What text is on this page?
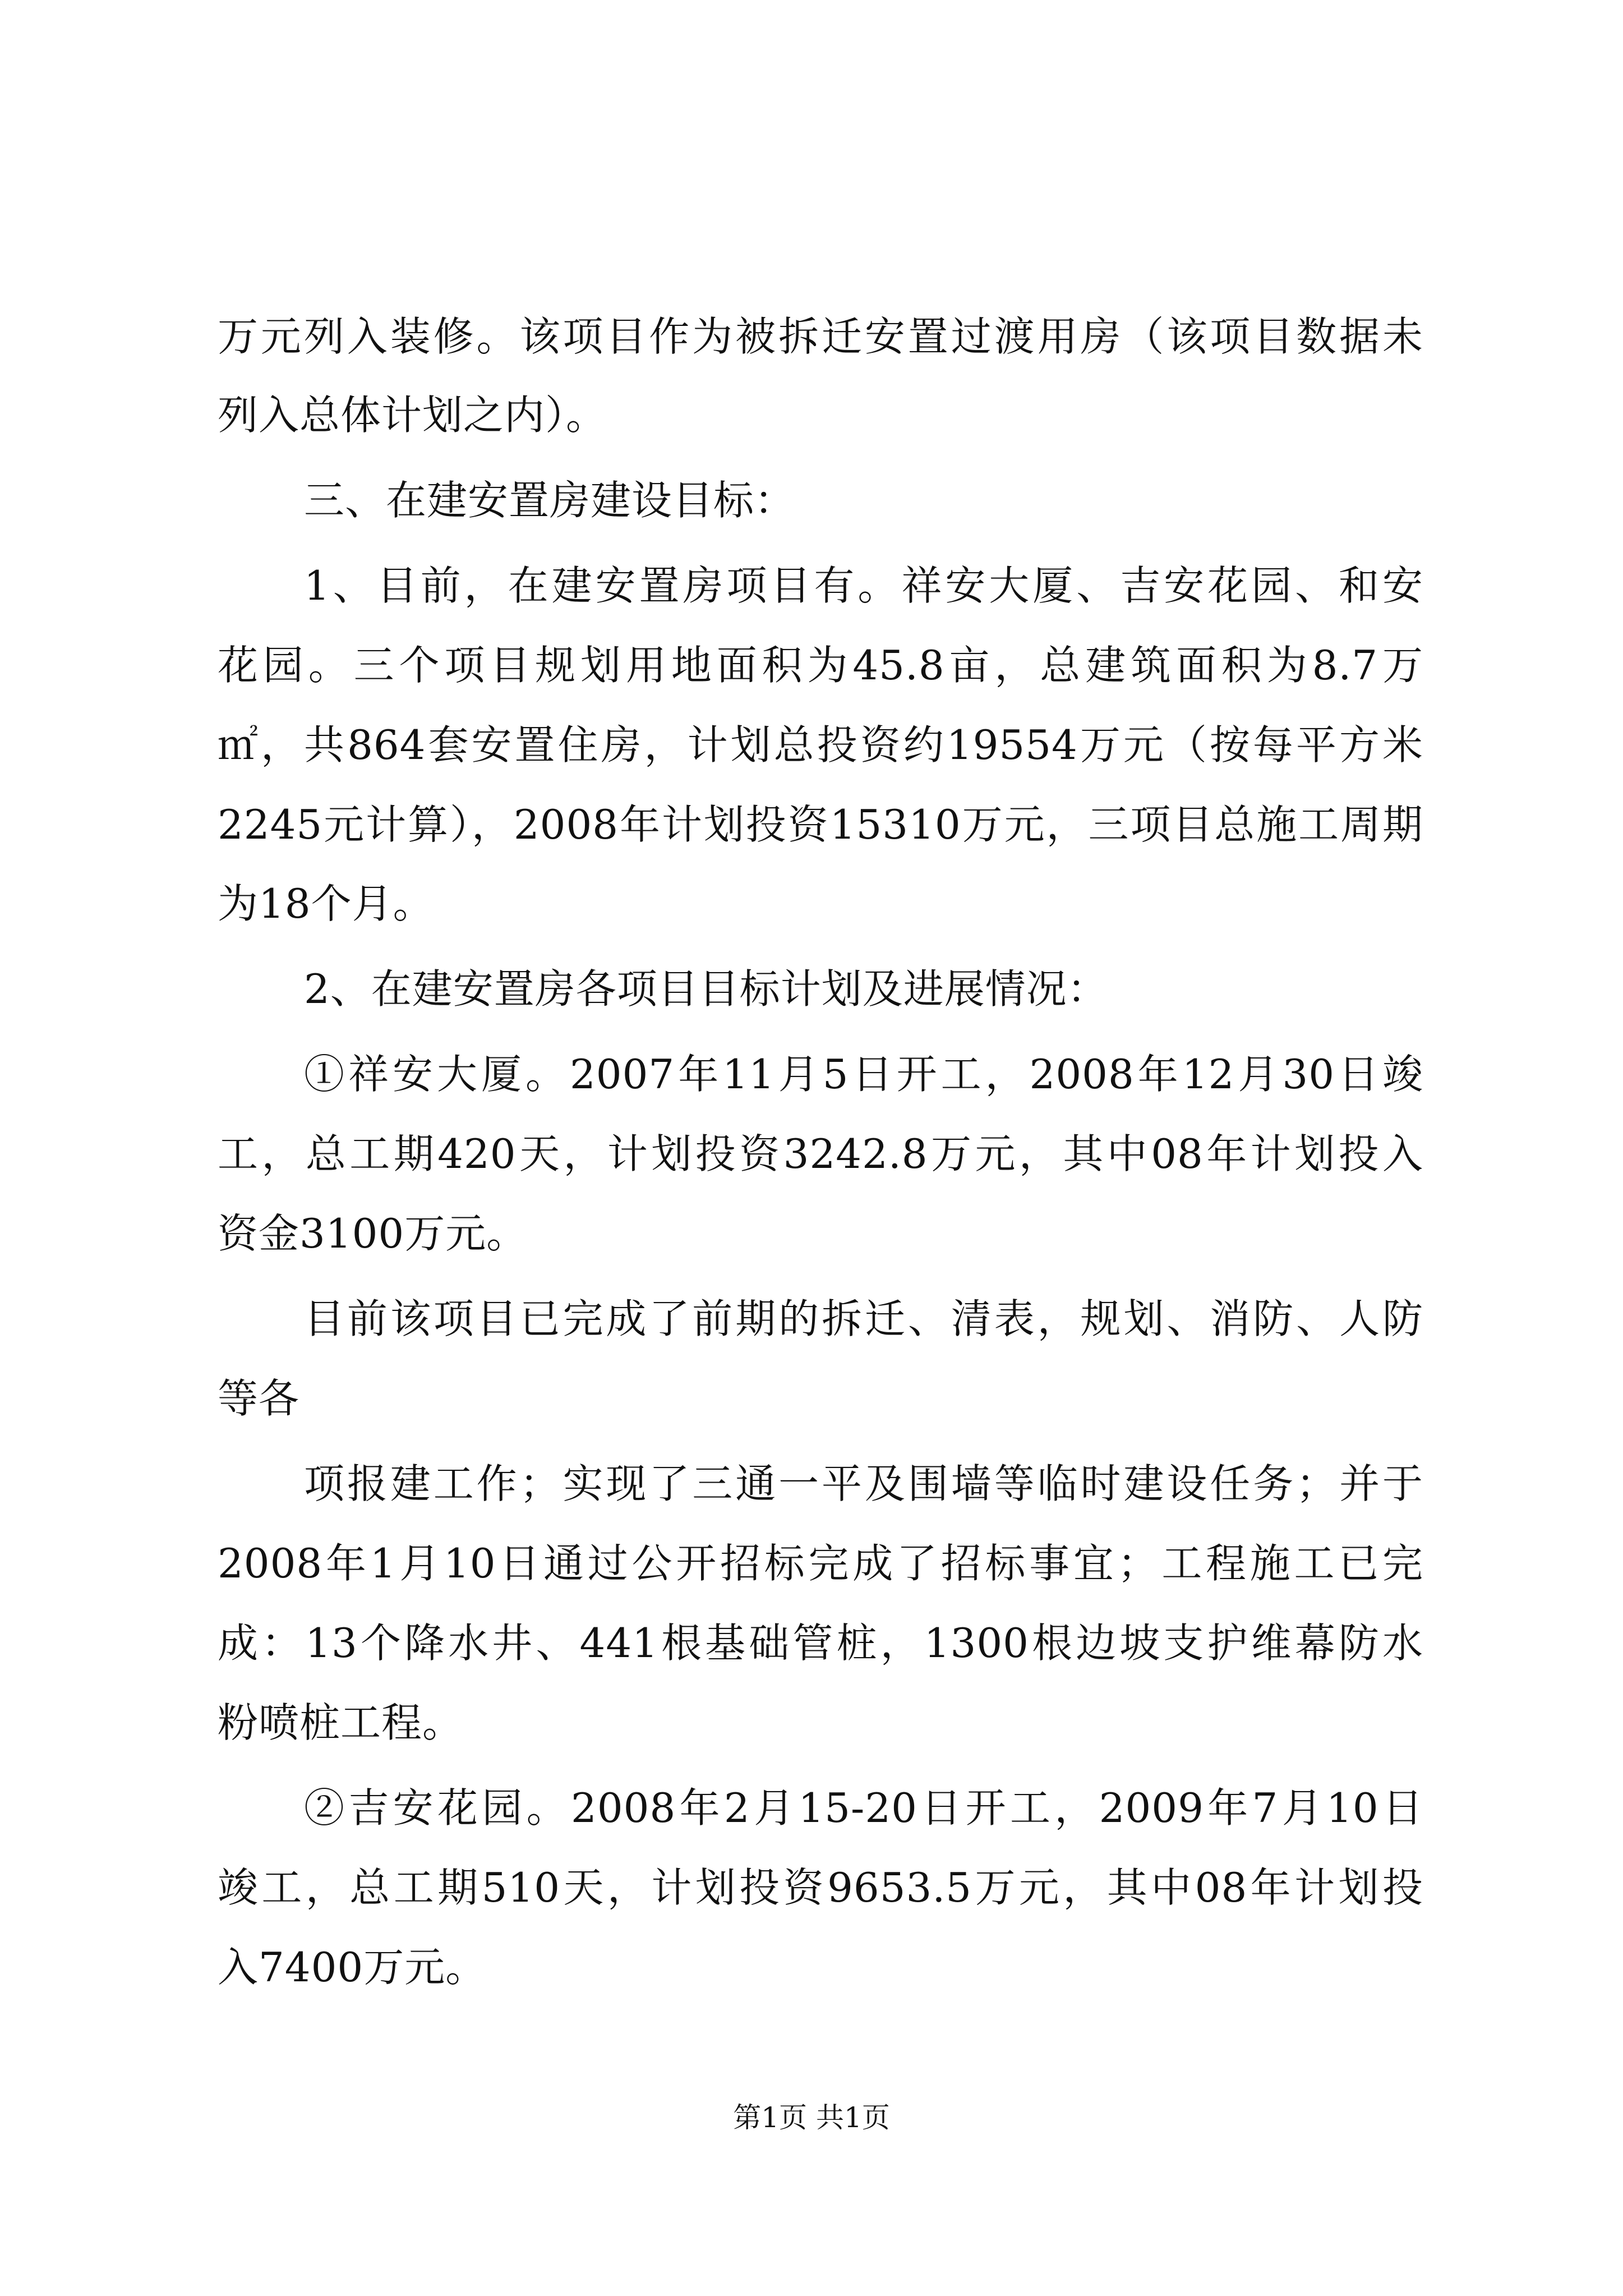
万元列入装修。该项目作为被拆迁安置过渡用房（该项目数据未
列入总体计划之内）。
三、在建安置房建设目标：
1、目前，在建安置房项目有。祥安大厦、吉安花园、和安
花园。三个项目规划用地面积为45.8亩，总建筑面积为8.7万
㎡，共864套安置住房，计划总投资约19554万元（按每平方米
2245元计算），2008年计划投资15310万元，三项目总施工周期
为18个月。
2、在建安置房各项目目标计划及进展情况：
①祥安大厦。2007年11月5日开工，2008年12月30日竣
工，总工期420天，计划投资3242.8万元，其中08年计划投入
资金3100万元。
目前该项目已完成了前期的拆迁、清表，规划、消防、人防
等各
项报建工作；实现了三通一平及围墙等临时建设任务；并于
2008年1月10日通过公开招标完成了招标事宜；工程施工已完
成：13个降水井、441根基础管桩，1300根边坡支护维幕防水
粉喷桩工程。
②吉安花园。2008年2月15-20日开工，2009年7月10日
竣工，总工期510天，计划投资9653.5万元，其中08年计划投
入7400万元。
第1页 共1页
